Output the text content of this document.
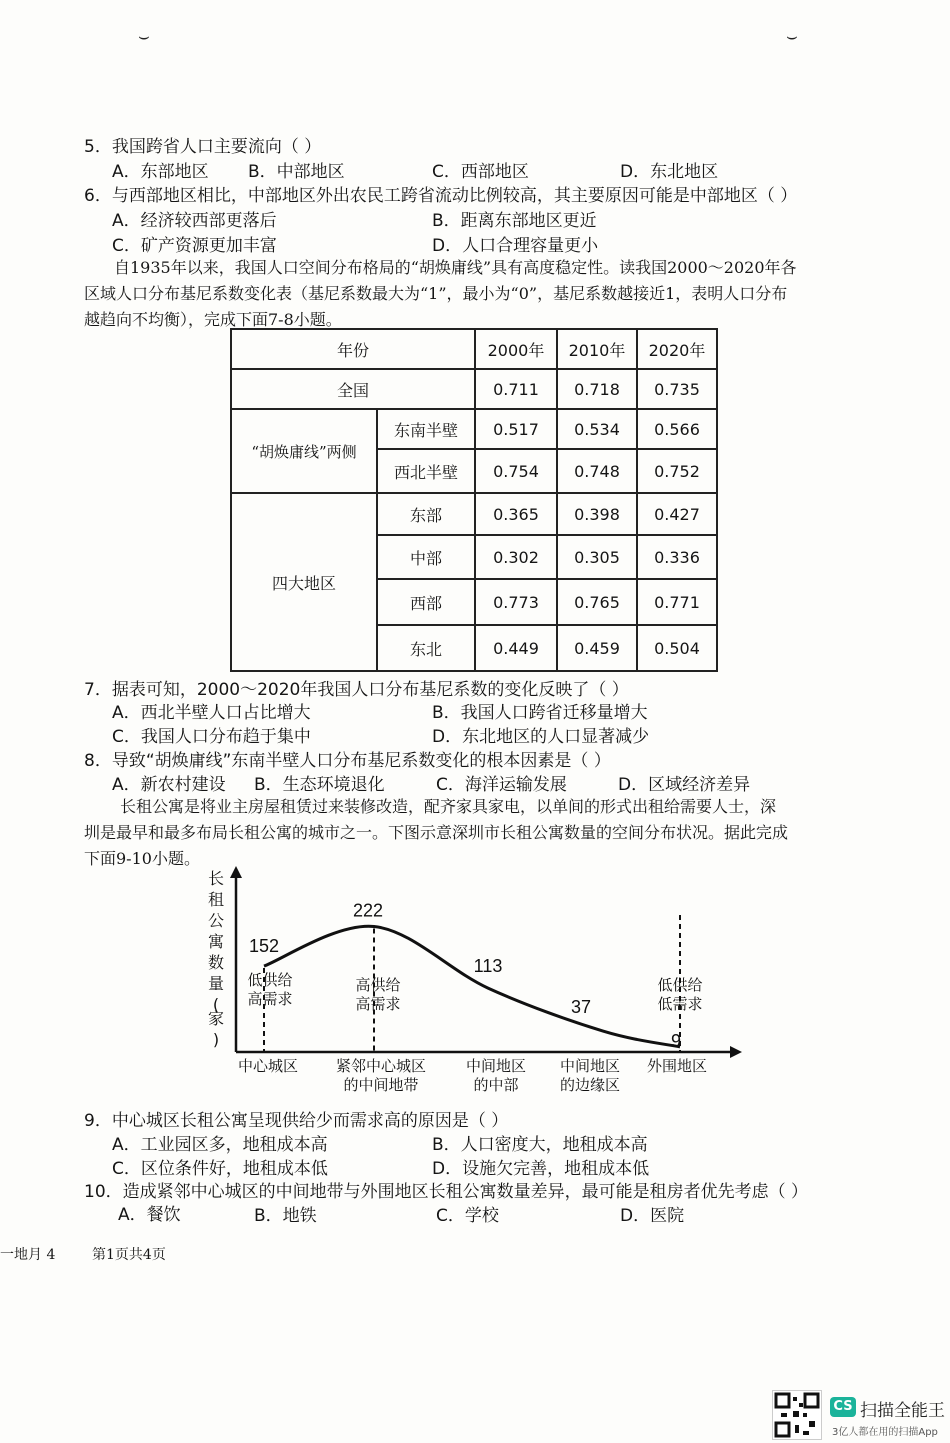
⌣	⌣
5．我国跨省人口主要流向（ ）
A．东部地区 B．中部地区	C．西部地区	D．东北地区
6．与西部地区相比，中部地区外出农民工跨省流动比例较高，其主要原因可能是中部地区（ ）
A．经济较西部更落后	B．距离东部地区更近
C．矿产资源更加丰富	D．人口合理容量更小
自1935年以来，我国人口空间分布格局的“胡焕庸线”具有高度稳定性。读我国2000～2020年各
区域人口分布基尼系数变化表（基尼系数最大为“1”，最小为“0”，基尼系数越接近1，表明人口分布
越趋向不均衡），完成下面7-8小题。
年份		2000年	2010年	2020年
全国		0.711	0.718	0.735
“胡焕庸线”两侧	东南半壁	0.517	0.534	0.566
	西北半壁	0.754	0.748	0.752
四大地区	东部	0.365	0.398	0.427
	中部	0.302	0.305	0.336
	西部	0.773	0.765	0.771
	东北	0.449	0.459	0.504
7．据表可知，2000～2020年我国人口分布基尼系数的变化反映了（ ）
A．西北半壁人口占比增大	B．我国人口跨省迁移量增大
C．我国人口分布趋于集中	D．东北地区的人口显著减少
8．导致“胡焕庸线”东南半壁人口分布基尼系数变化的根本因素是（ ）
A．新农村建设 B．生态环境退化	C．海洋运输发展	D．区域经济差异
长租公寓是将业主房屋租赁过来装修改造，配齐家具家电，以单间的形式出租给需要人士，深
圳是最早和最多布局长租公寓的城市之一。下图示意深圳市长租公寓数量的空间分布状况。据此完成
下面9-10小题。
长
租
公
寓
数
量
(
家
)
152
222
113
37
9
低供给
高需求
高供给
高需求
低供给
低需求
中心城区	紧邻中心城区
的中间地带
中间地区
的中部
中间地区
的边缘区
外围地区
9．中心城区长租公寓呈现供给少而需求高的原因是（ ）
A．工业园区多，地租成本高	B．人口密度大，地租成本高
C．区位条件好，地租成本低	D．设施欠完善，地租成本低
10．造成紧邻中心城区的中间地带与外围地区长租公寓数量差异，最可能是租房者优先考虑（ ）
A．餐饮	B．地铁	C．学校	D．医院
一地月 4	第1页共4页
CS 扫描全能王
3亿人都在用的扫描App
